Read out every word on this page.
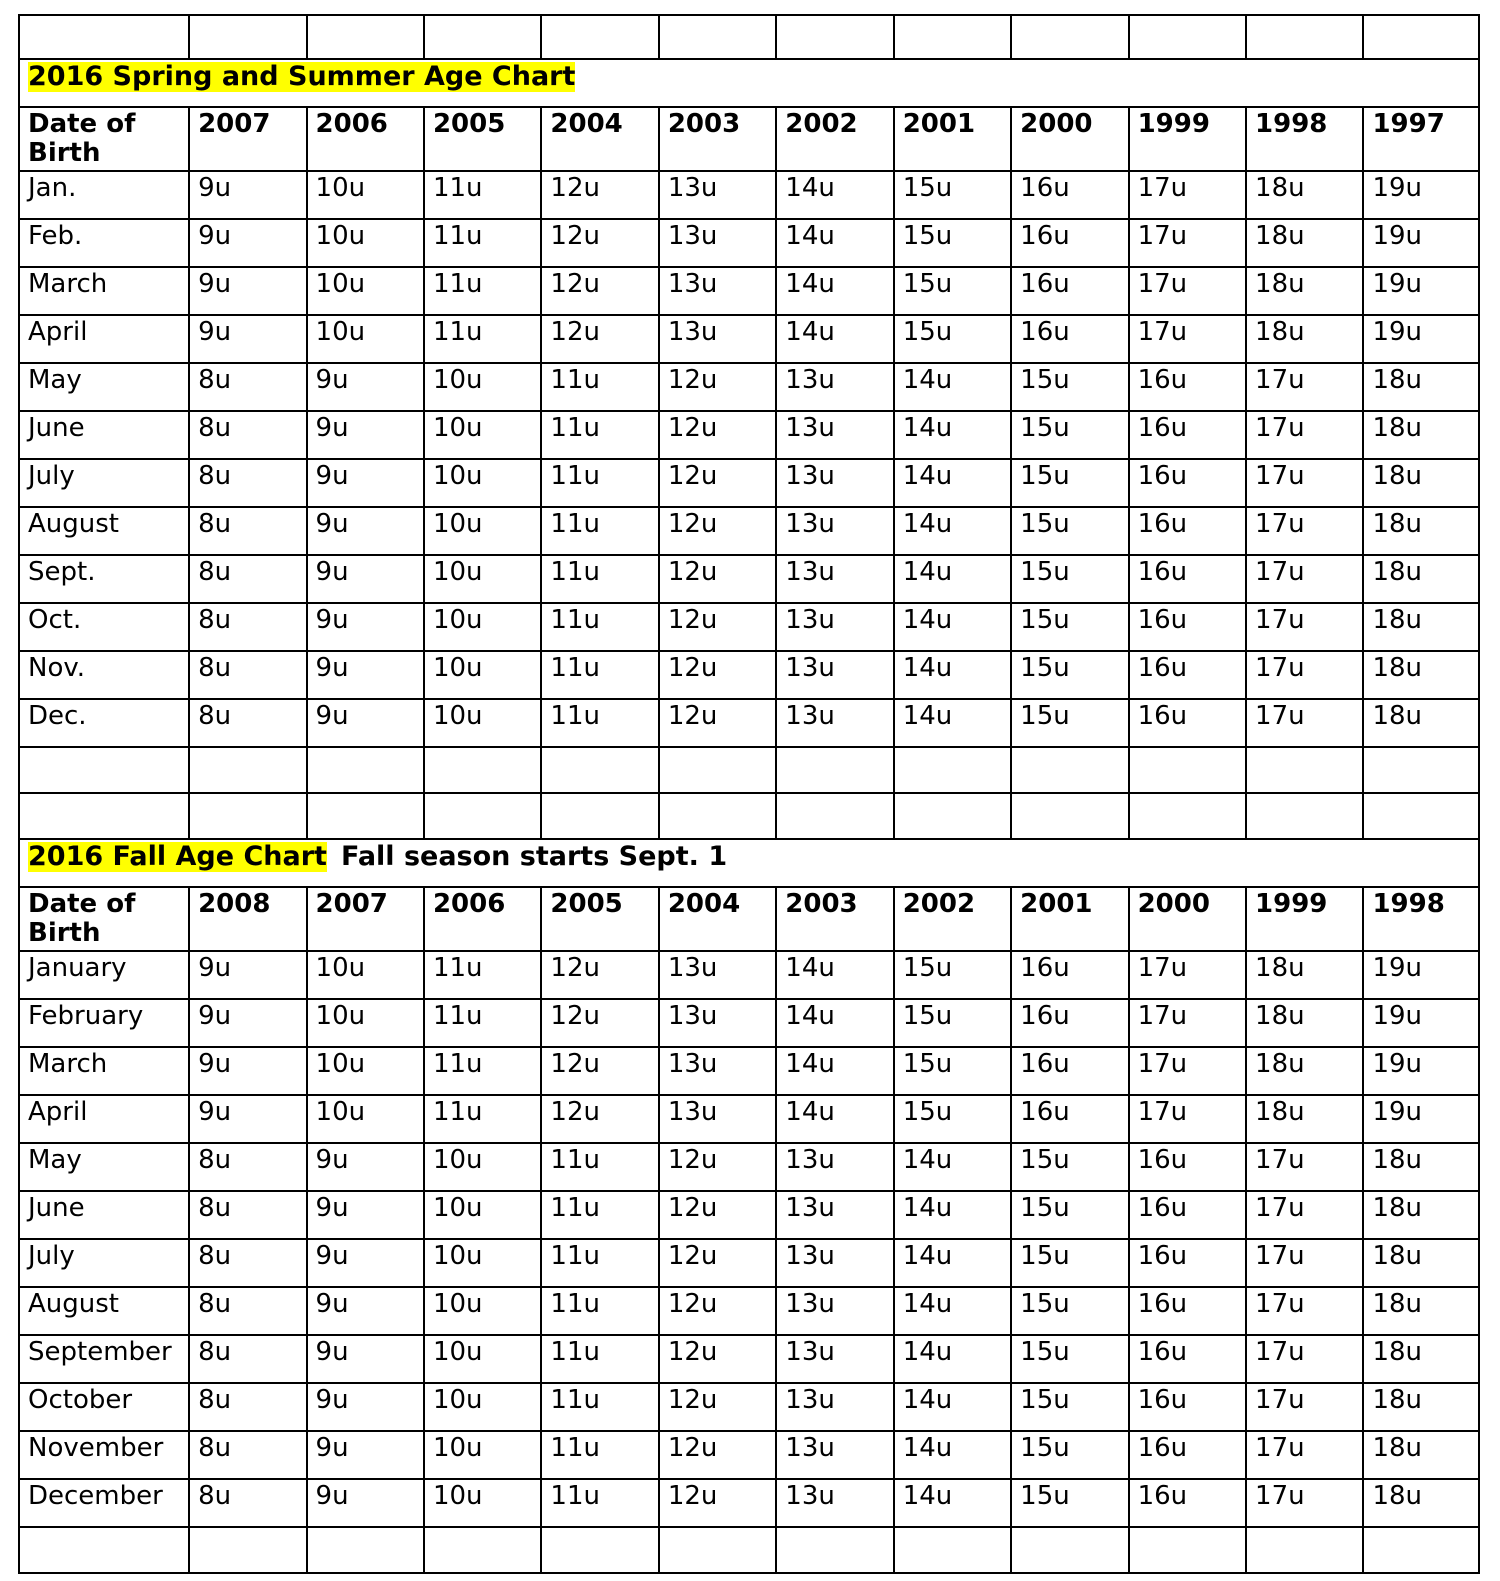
2016 Spring and Summer Age Chart											

Date of
Birth	2007	2006	2005	2004	2003	2002	2001	2000	1999	1998	1997
Jan.	9u	10u	11u	12u	13u	14u	15u	16u	17u	18u	19u
Feb.	9u	10u	11u	12u	13u	14u	15u	16u	17u	18u	19u
March	9u	10u	11u	12u	13u	14u	15u	16u	17u	18u	19u
April	9u	10u	11u	12u	13u	14u	15u	16u	17u	18u	19u
May	8u	9u	10u	11u	12u	13u	14u	15u	16u	17u	18u
June	8u	9u	10u	11u	12u	13u	14u	15u	16u	17u	18u
July	8u	9u	10u	11u	12u	13u	14u	15u	16u	17u	18u
August	8u	9u	10u	11u	12u	13u	14u	15u	16u	17u	18u
Sept.	8u	9u	10u	11u	12u	13u	14u	15u	16u	17u	18u
Oct.	8u	9u	10u	11u	12u	13u	14u	15u	16u	17u	18u
Nov.	8u	9u	10u	11u	12u	13u	14u	15u	16u	17u	18u
Dec.	8u	9u	10u	11u	12u	13u	14u	15u	16u	17u	18u

2016 Fall Age Chart Fall season starts Sept. 1											

Date of
Birth	2008	2007	2006	2005	2004	2003	2002	2001	2000	1999	1998
January	9u	10u	11u	12u	13u	14u	15u	16u	17u	18u	19u
February	9u	10u	11u	12u	13u	14u	15u	16u	17u	18u	19u
March	9u	10u	11u	12u	13u	14u	15u	16u	17u	18u	19u
April	9u	10u	11u	12u	13u	14u	15u	16u	17u	18u	19u
May	8u	9u	10u	11u	12u	13u	14u	15u	16u	17u	18u
June	8u	9u	10u	11u	12u	13u	14u	15u	16u	17u	18u
July	8u	9u	10u	11u	12u	13u	14u	15u	16u	17u	18u
August	8u	9u	10u	11u	12u	13u	14u	15u	16u	17u	18u
September	8u	9u	10u	11u	12u	13u	14u	15u	16u	17u	18u
October	8u	9u	10u	11u	12u	13u	14u	15u	16u	17u	18u
November	8u	9u	10u	11u	12u	13u	14u	15u	16u	17u	18u
December	8u	9u	10u	11u	12u	13u	14u	15u	16u	17u	18u
